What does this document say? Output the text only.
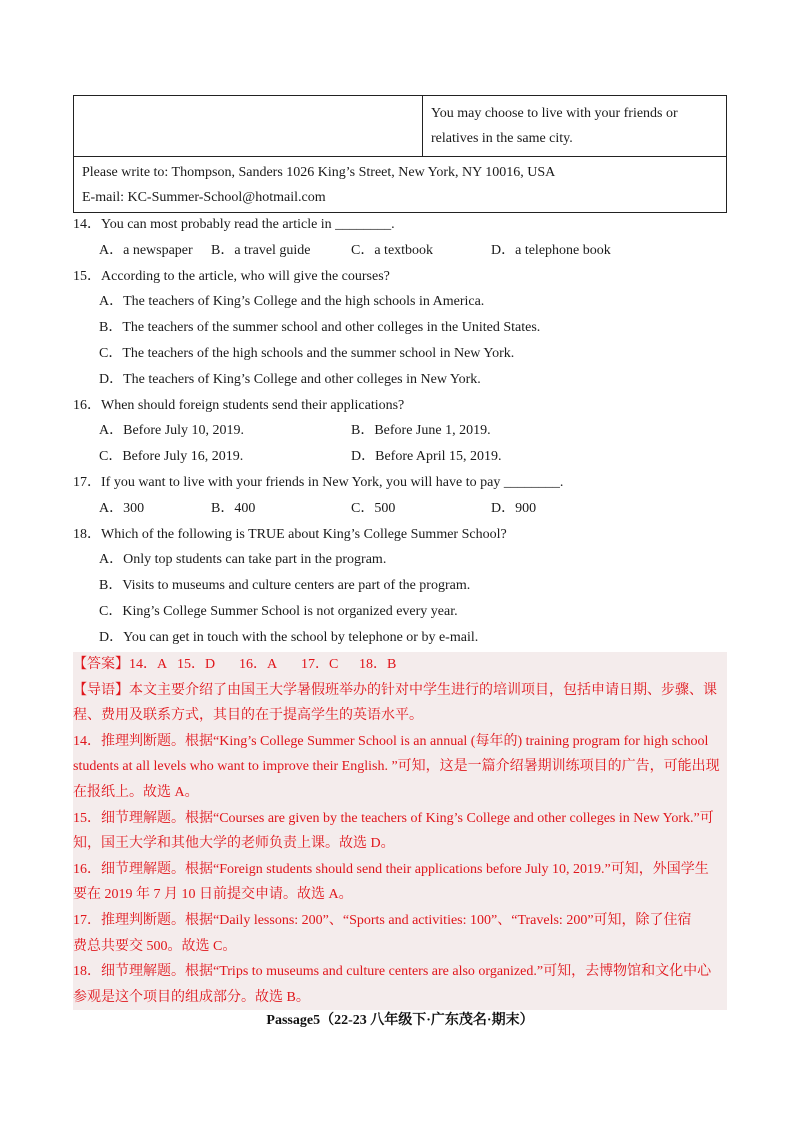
You may choose to live with your friends or
relatives in the same city.
Please write to: Thompson, Sanders 1026 King’s Street, New York, NY 10016, USA
E-mail: KC-Summer-School@hotmail.com
14．You can most probably read the article in ________.
A．a newspaper	B．a travel guide	C．a textbook	D．a telephone book
15．According to the article, who will give the courses?
A．The teachers of King’s College and the high schools in America.
B．The teachers of the summer school and other colleges in the United States.
C．The teachers of the high schools and the summer school in New York.
D．The teachers of King’s College and other colleges in New York.
16．When should foreign students send their applications?
A．Before July 10, 2019.	B．Before June 1, 2019.
C．Before July 16, 2019.	D．Before April 15, 2019.
17．If you want to live with your friends in New York, you will have to pay ________.
A．300	B．400	C．500	D．900
18．Which of the following is TRUE about King’s College Summer School?
A．Only top students can take part in the program.
B．Visits to museums and culture centers are part of the program.
C．King’s College Summer School is not organized every year.
D．You can get in touch with the school by telephone or by e-mail.
【答案】14．A 15．D 16．A 17．C 18．B
【导语】本文主要介绍了由国王大学暑假班举办的针对中学生进行的培训项目，包括申请日期、步骤、课
程、费用及联系方式，其目的在于提高学生的英语水平。
14．推理判断题。根据“King’s College Summer School is an annual (每年的) training program for high school
students at all levels who want to improve their English. ”可知，这是一篇介绍暑期训练项目的广告，可能出现
在报纸上。故选 A。
15．细节理解题。根据“Courses are given by the teachers of King’s College and other colleges in New York.”可
知，国王大学和其他大学的老师负责上课。故选 D。
16．细节理解题。根据“Foreign students should send their applications before July 10, 2019.”可知，外国学生
要在 2019 年 7 月 10 日前提交申请。故选 A。
17．推理判断题。根据“Daily lessons: 200”、“Sports and activities: 100”、“Travels: 200”可知，除了住宿
费总共要交 500。故选 C。
18．细节理解题。根据“Trips to museums and culture centers are also organized.”可知，去博物馆和文化中心
参观是这个项目的组成部分。故选 B。
Passage5（22-23 八年级下·广东茂名·期末）
